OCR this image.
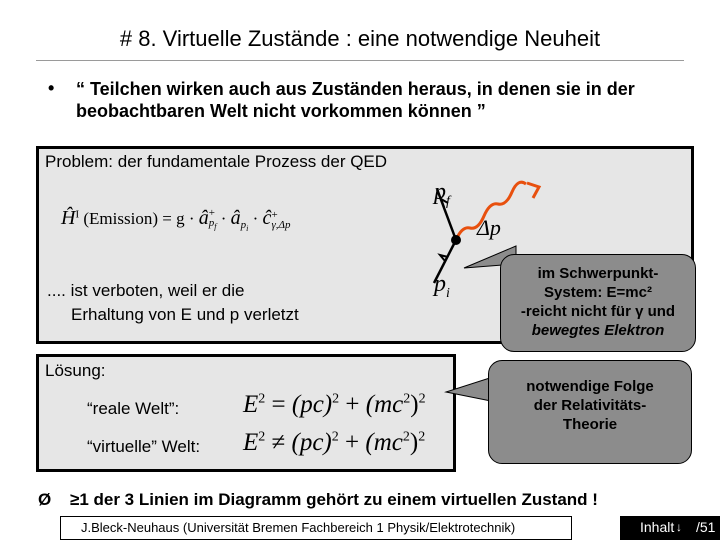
# 8. Virtuelle Zustände : eine notwendige Neuheit
• “ Teilchen wirken auch aus Zuständen heraus, in denen sie in der beobachtbaren Welt nicht vorkommen können ”
Problem: der fundamentale Prozess der QED
$Ĥ^I$ (Emission) = g · â +
$p_f$ · $â_{p_i}$ · ĉ +
γ,Δp
.... ist verboten, weil er die
Erhaltung von E und p verletzt
$p_f$
$p_i$
Δp
im Schwerpunkt-
System: E=mc²
-reicht nicht für γ und
bewegtes Elektron
Lösung:
“reale Welt”:
“virtuelle” Welt:
$E^2 = (pc)^2 + (mc^2)^2$
$E^2 \ne (pc)^2 + (mc^2)^2$
notwendige Folge
der Relativitäts-
Theorie
Ø ≥1 der 3 Linien im Diagramm gehört zu einem virtuellen Zustand !
J.Bleck-Neuhaus (Universität Bremen Fachbereich 1 Physik/Elektrotechnik)	Inhalt ↓ /51
